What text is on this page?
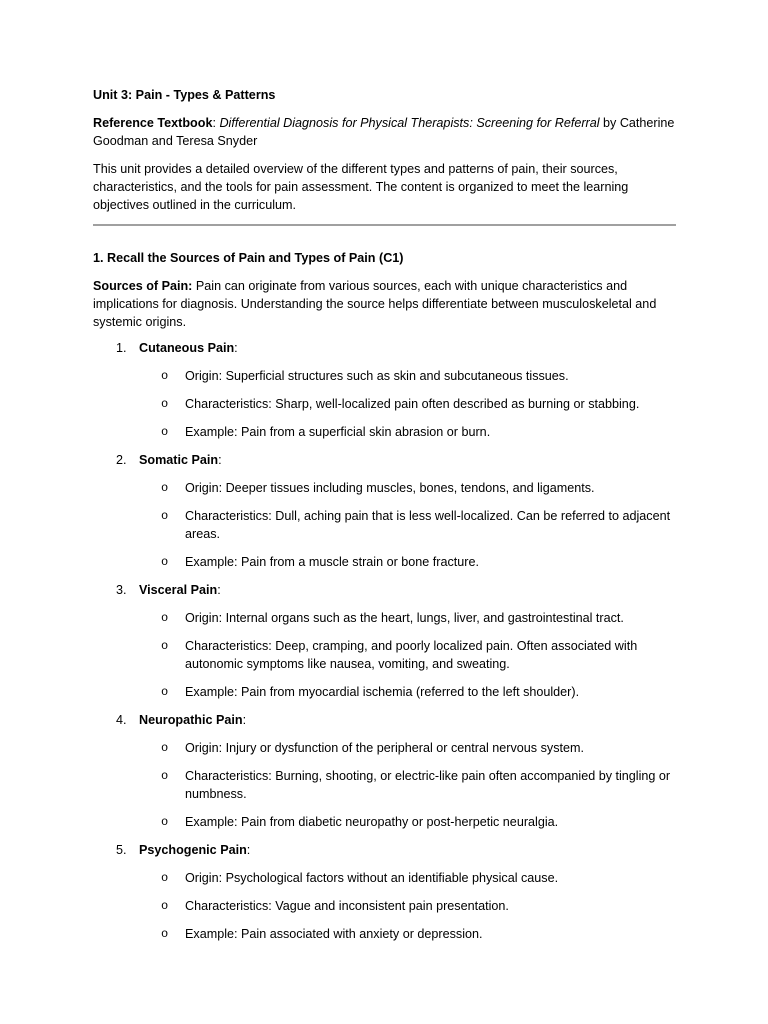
Unit 3: Pain - Types & Patterns

Reference Textbook: Differential Diagnosis for Physical Therapists: Screening for Referral by Catherine Goodman and Teresa Snyder

This unit provides a detailed overview of the different types and patterns of pain, their sources, characteristics, and the tools for pain assessment. The content is organized to meet the learning objectives outlined in the curriculum.

1. Recall the Sources of Pain and Types of Pain (C1)

Sources of Pain: Pain can originate from various sources, each with unique characteristics and implications for diagnosis. Understanding the source helps differentiate between musculoskeletal and systemic origins.

1. Cutaneous Pain:
o Origin: Superficial structures such as skin and subcutaneous tissues.
o Characteristics: Sharp, well-localized pain often described as burning or stabbing.
o Example: Pain from a superficial skin abrasion or burn.
2. Somatic Pain:
o Origin: Deeper tissues including muscles, bones, tendons, and ligaments.
o Characteristics: Dull, aching pain that is less well-localized. Can be referred to adjacent areas.
o Example: Pain from a muscle strain or bone fracture.
3. Visceral Pain:
o Origin: Internal organs such as the heart, lungs, liver, and gastrointestinal tract.
o Characteristics: Deep, cramping, and poorly localized pain. Often associated with autonomic symptoms like nausea, vomiting, and sweating.
o Example: Pain from myocardial ischemia (referred to the left shoulder).
4. Neuropathic Pain:
o Origin: Injury or dysfunction of the peripheral or central nervous system.
o Characteristics: Burning, shooting, or electric-like pain often accompanied by tingling or numbness.
o Example: Pain from diabetic neuropathy or post-herpetic neuralgia.
5. Psychogenic Pain:
o Origin: Psychological factors without an identifiable physical cause.
o Characteristics: Vague and inconsistent pain presentation.
o Example: Pain associated with anxiety or depression.
